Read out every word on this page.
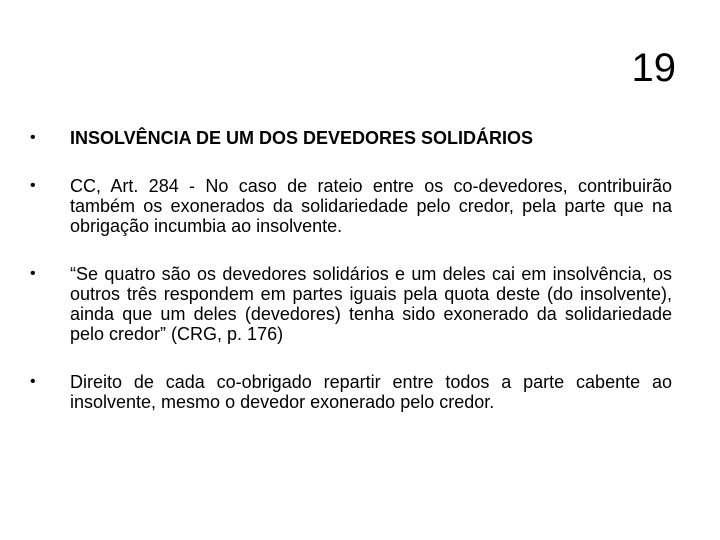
19
• INSOLVÊNCIA DE UM DOS DEVEDORES SOLIDÁRIOS
• CC, Art. 284 - No caso de rateio entre os co-devedores, contribuirão também os exonerados da solidariedade pelo credor, pela parte que na obrigação incumbia ao insolvente.
• “Se quatro são os devedores solidários e um deles cai em insolvência, os outros três respondem em partes iguais pela quota deste (do insolvente), ainda que um deles (devedores) tenha sido exonerado da solidariedade pelo credor” (CRG, p. 176)
• Direito de cada co-obrigado repartir entre todos a parte cabente ao insolvente, mesmo o devedor exonerado pelo credor.
